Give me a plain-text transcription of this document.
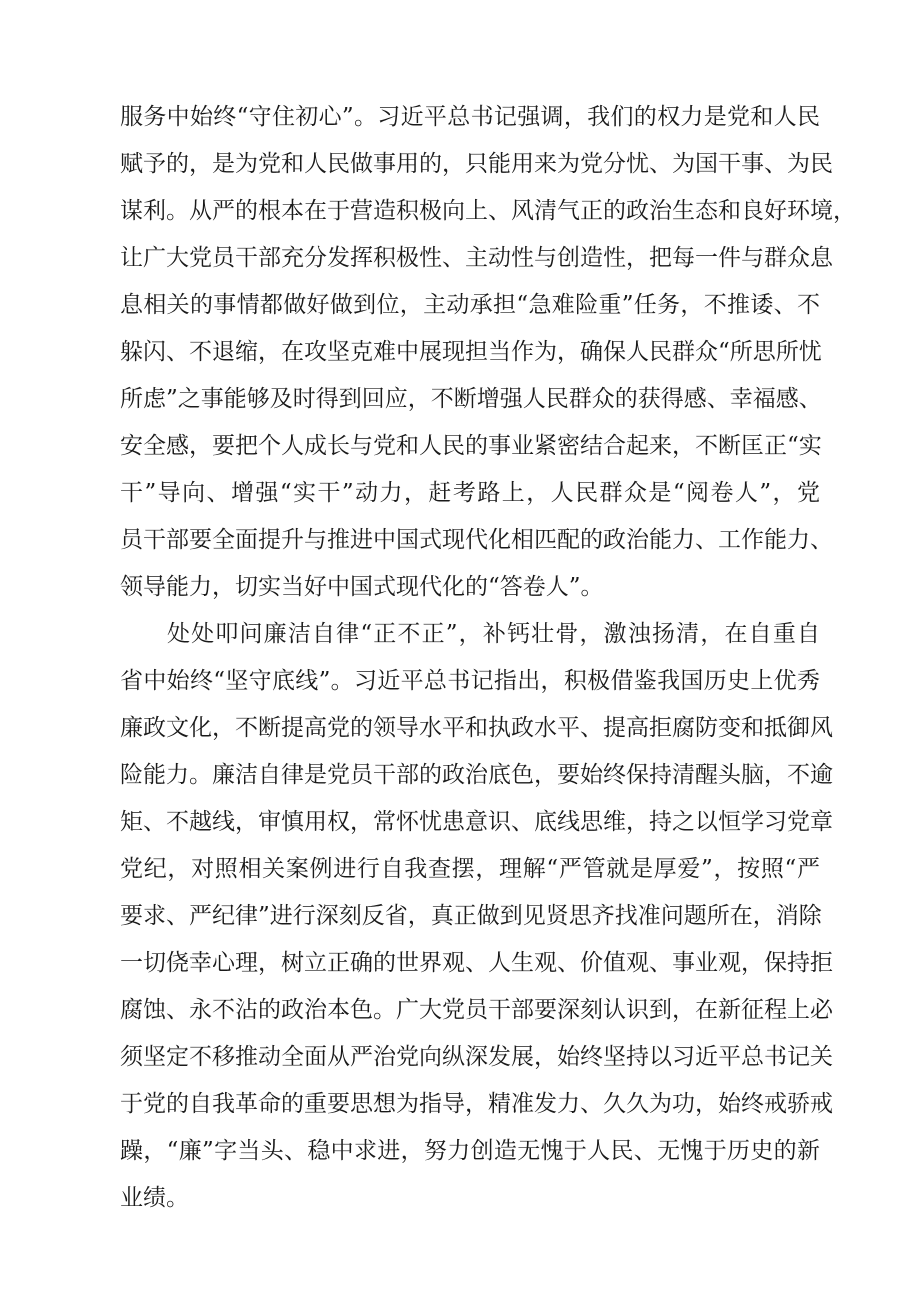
服务中始终“守住初心”。习近平总书记强调，我们的权力是党和人民
赋予的，是为党和人民做事用的，只能用来为党分忧、为国干事、为民
谋利。从严的根本在于营造积极向上、风清气正的政治生态和良好环境，
让广大党员干部充分发挥积极性、主动性与创造性，把每一件与群众息
息相关的事情都做好做到位，主动承担“急难险重”任务，不推诿、不
躲闪、不退缩，在攻坚克难中展现担当作为，确保人民群众“所思所忧
所虑”之事能够及时得到回应，不断增强人民群众的获得感、幸福感、
安全感，要把个人成长与党和人民的事业紧密结合起来，不断匡正“实
干”导向、增强“实干”动力，赶考路上，人民群众是“阅卷人”，党
员干部要全面提升与推进中国式现代化相匹配的政治能力、工作能力、
领导能力，切实当好中国式现代化的“答卷人”。
处处叩问廉洁自律“正不正”，补钙壮骨，激浊扬清，在自重自
省中始终“坚守底线”。习近平总书记指出，积极借鉴我国历史上优秀
廉政文化，不断提高党的领导水平和执政水平、提高拒腐防变和抵御风
险能力。廉洁自律是党员干部的政治底色，要始终保持清醒头脑，不逾
矩、不越线，审慎用权，常怀忧患意识、底线思维，持之以恒学习党章
党纪，对照相关案例进行自我查摆，理解“严管就是厚爱”，按照“严
要求、严纪律”进行深刻反省，真正做到见贤思齐找准问题所在，消除
一切侥幸心理，树立正确的世界观、人生观、价值观、事业观，保持拒
腐蚀、永不沾的政治本色。广大党员干部要深刻认识到，在新征程上必
须坚定不移推动全面从严治党向纵深发展，始终坚持以习近平总书记关
于党的自我革命的重要思想为指导，精准发力、久久为功，始终戒骄戒
躁，“廉”字当头、稳中求进，努力创造无愧于人民、无愧于历史的新
业绩。
